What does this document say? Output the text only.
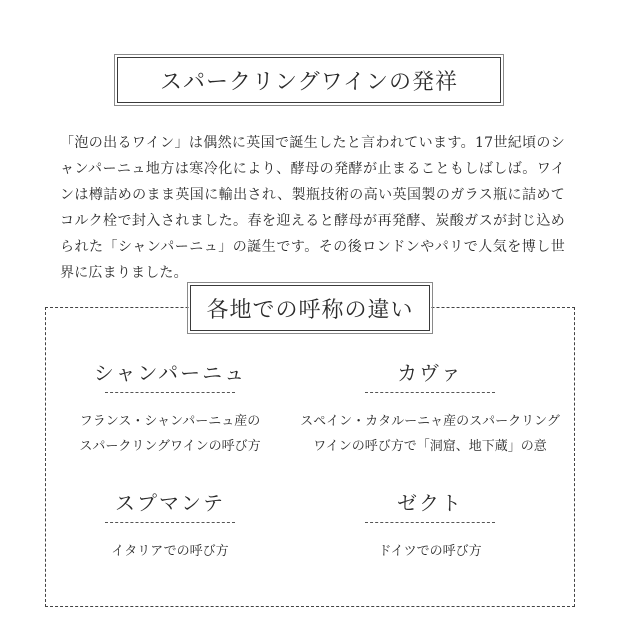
スパークリングワインの発祥

「泡の出るワイン」は偶然に英国で誕生したと言われています。17世紀頃のシャンパーニュ地方は寒冷化により、酵母の発酵が止まることもしばしば。ワインは樽詰めのまま英国に輸出され、製瓶技術の高い英国製のガラス瓶に詰めてコルク栓で封入されました。春を迎えると酵母が再発酵、炭酸ガスが封じ込められた「シャンパーニュ」の誕生です。その後ロンドンやパリで人気を博し世界に広まりました。

各地での呼称の違い
シャンパーニュ
フランス・シャンパーニュ産の
スパークリングワインの呼び方
カヴァ
スペイン・カタルーニャ産のスパークリング
ワインの呼び方で「洞窟、地下蔵」の意
スプマンテ
イタリアでの呼び方
ゼクト
ドイツでの呼び方
